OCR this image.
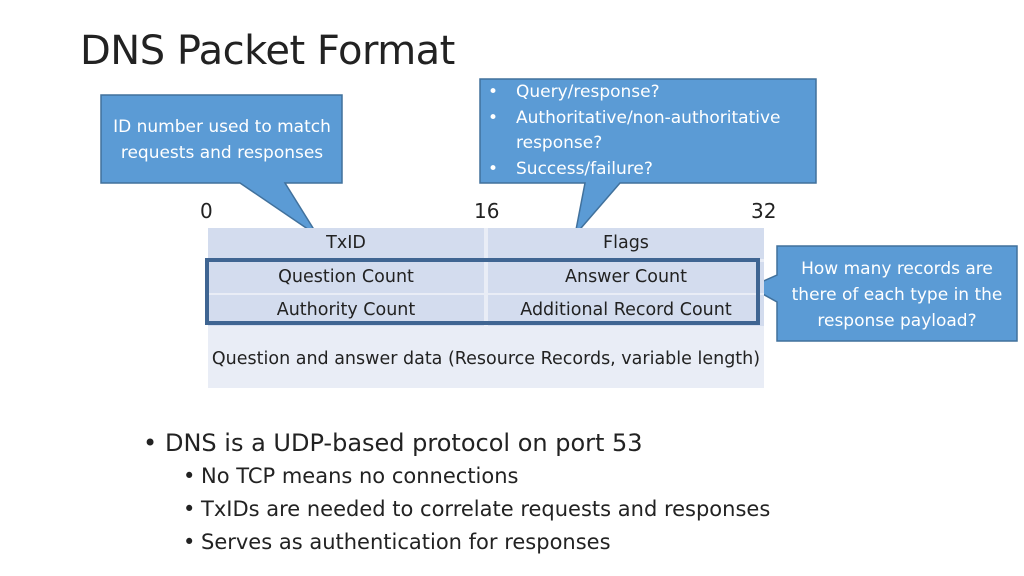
DNS Packet Format
ID number used to match requests and responses
• Query/response?
• Authoritative/non-authoritative response?
• Success/failure?
How many records are there of each type in the response payload?
0	16	32
TxID	Flags
Question Count	Answer Count
Authority Count	Additional Record Count
Question and answer data (Resource Records, variable length)
• DNS is a UDP-based protocol on port 53
• No TCP means no connections
• TxIDs are needed to correlate requests and responses
• Serves as authentication for responses
